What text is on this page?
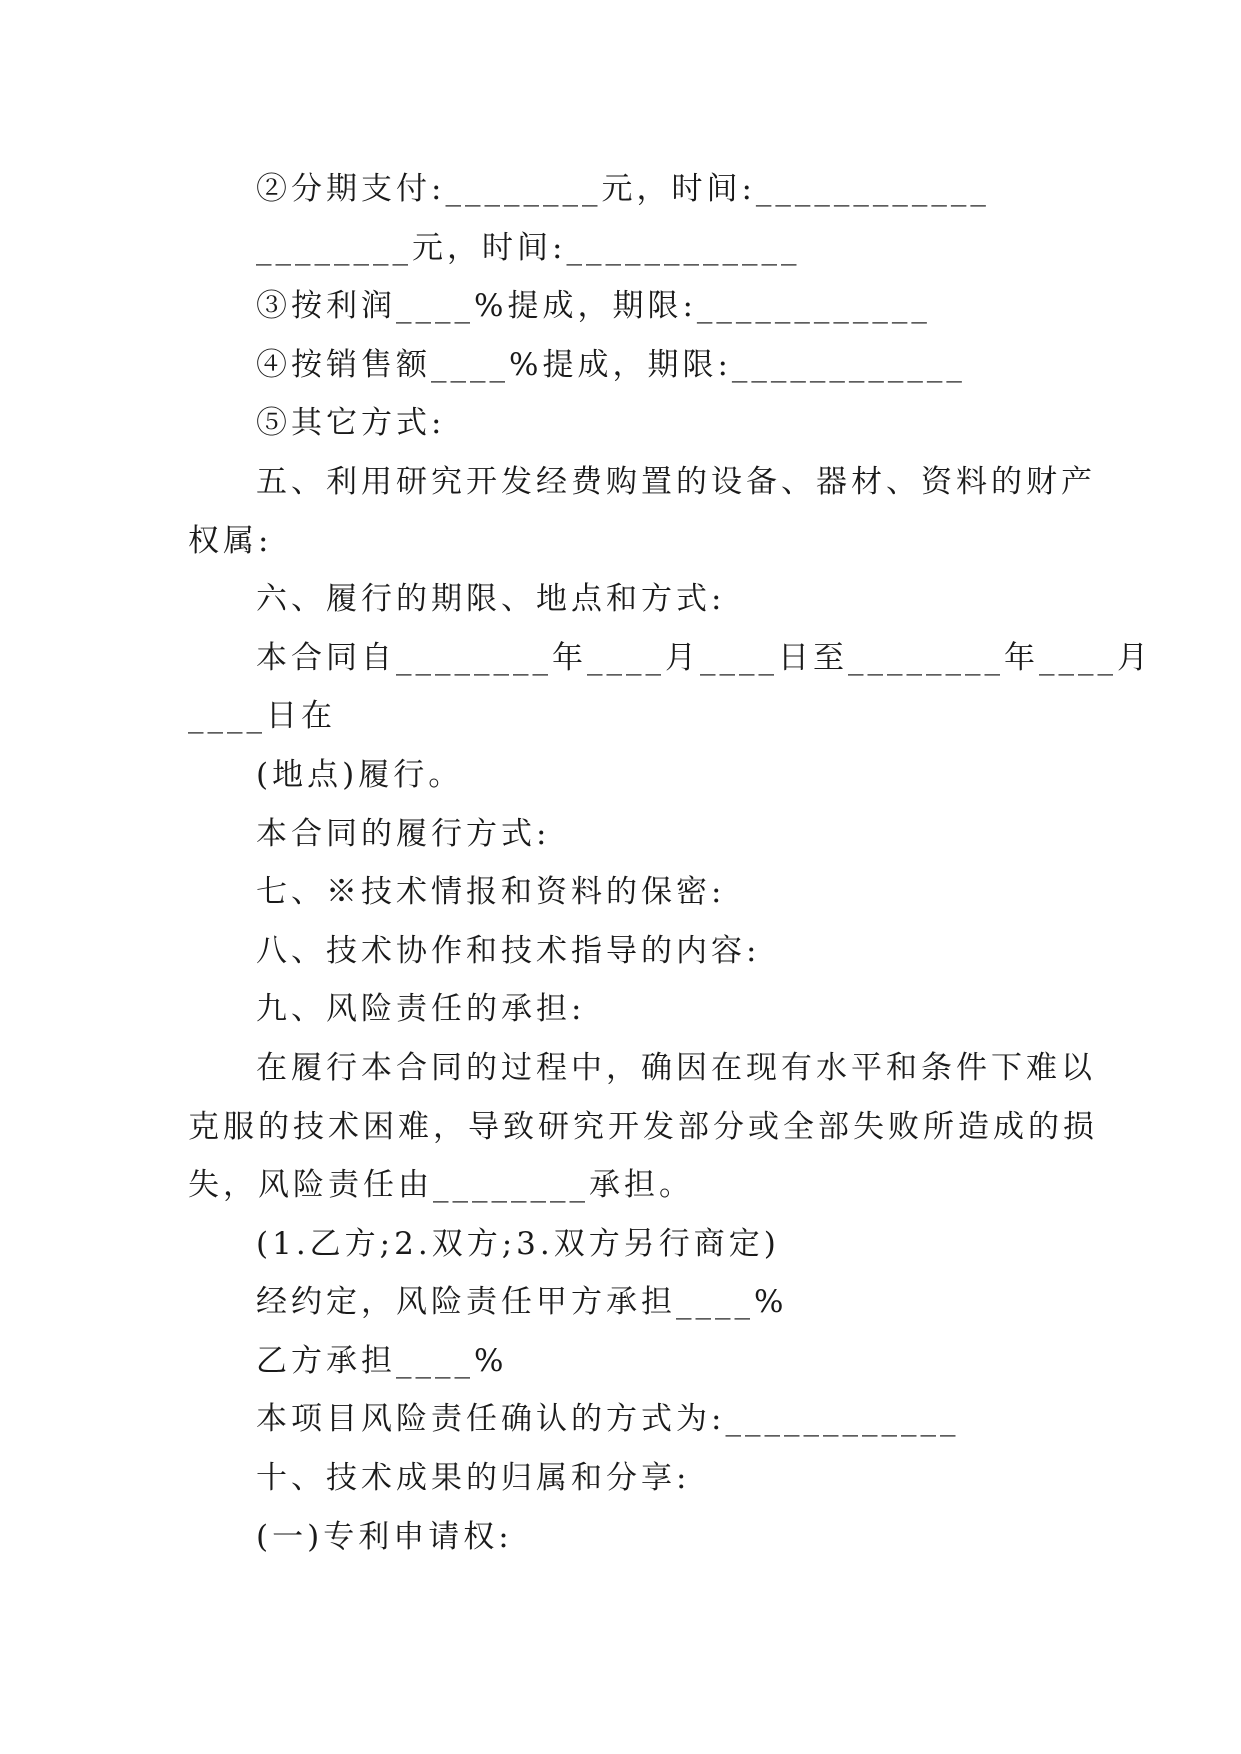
②分期支付:________元，时间:____________
________元，时间:____________
③按利润____%提成，期限:____________
④按销售额____%提成，期限:____________
⑤其它方式:
五、利用研究开发经费购置的设备、器材、资料的财产
权属:
六、履行的期限、地点和方式:
本合同自________年____月____日至________年____月
____日在
(地点)履行。
本合同的履行方式:
七、※技术情报和资料的保密:
八、技术协作和技术指导的内容:
九、风险责任的承担:
在履行本合同的过程中，确因在现有水平和条件下难以
克服的技术困难，导致研究开发部分或全部失败所造成的损
失，风险责任由________承担。
(1.乙方;2.双方;3.双方另行商定)
经约定，风险责任甲方承担____%
乙方承担____%
本项目风险责任确认的方式为:____________
十、技术成果的归属和分享:
(一)专利申请权:
